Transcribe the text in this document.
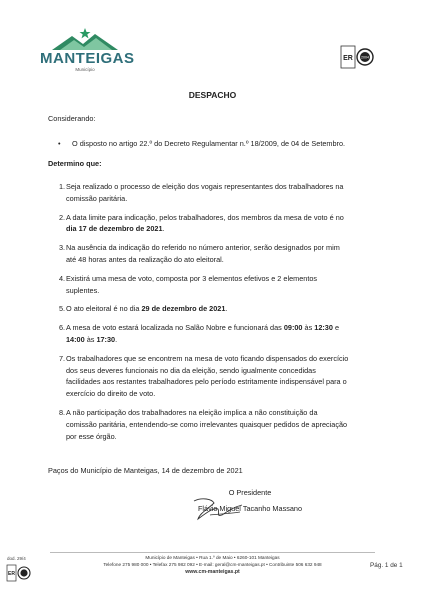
MANTEIGAS
Município
ER 2004
DESPACHO
Considerando:
• O disposto no artigo 22.º do Decreto Regulamentar n.º 18/2009, de 04 de Setembro.
Determino que:
1. Seja realizado o processo de eleição dos vogais representantes dos trabalhadores na
comissão paritária.
2. A data limite para indicação, pelos trabalhadores, dos membros da mesa de voto é no
dia 17 de dezembro de 2021.
3. Na ausência da indicação do referido no número anterior, serão designados por mim
até 48 horas antes da realização do ato eleitoral.
4. Existirá uma mesa de voto, composta por 3 elementos efetivos e 2 elementos
suplentes.
5. O ato eleitoral é no dia 29 de dezembro de 2021.
6. A mesa de voto estará localizada no Salão Nobre e funcionará das 09:00 às 12:30 e
14:00 às 17:30.
7. Os trabalhadores que se encontrem na mesa de voto ficando dispensados do exercício
dos seus deveres funcionais no dia da eleição, sendo igualmente concedidas
facilidades aos restantes trabalhadores pelo período estritamente indispensável para o
exercício do direito de voto.
8. A não participação dos trabalhadores na eleição implica a não constituição da
comissão paritária, entendendo-se como irrelevantes quaisquer pedidos de apreciação
por esse órgão.
Paços do Município de Manteigas, 14 de dezembro de 2021
O Presidente
Flávio Miguel Tacanho Massano
Município de Manteigas • Rua 1.º de Maio • 6260-101 Manteigas
Telefone 275 980 000 • Telefax 275 982 092 • E-mail: geral@cm-manteigas.pt • Contribuinte 506 632 948
www.cm-manteigas.pt
Pág. 1 de 1
dod. 29/4
ER
